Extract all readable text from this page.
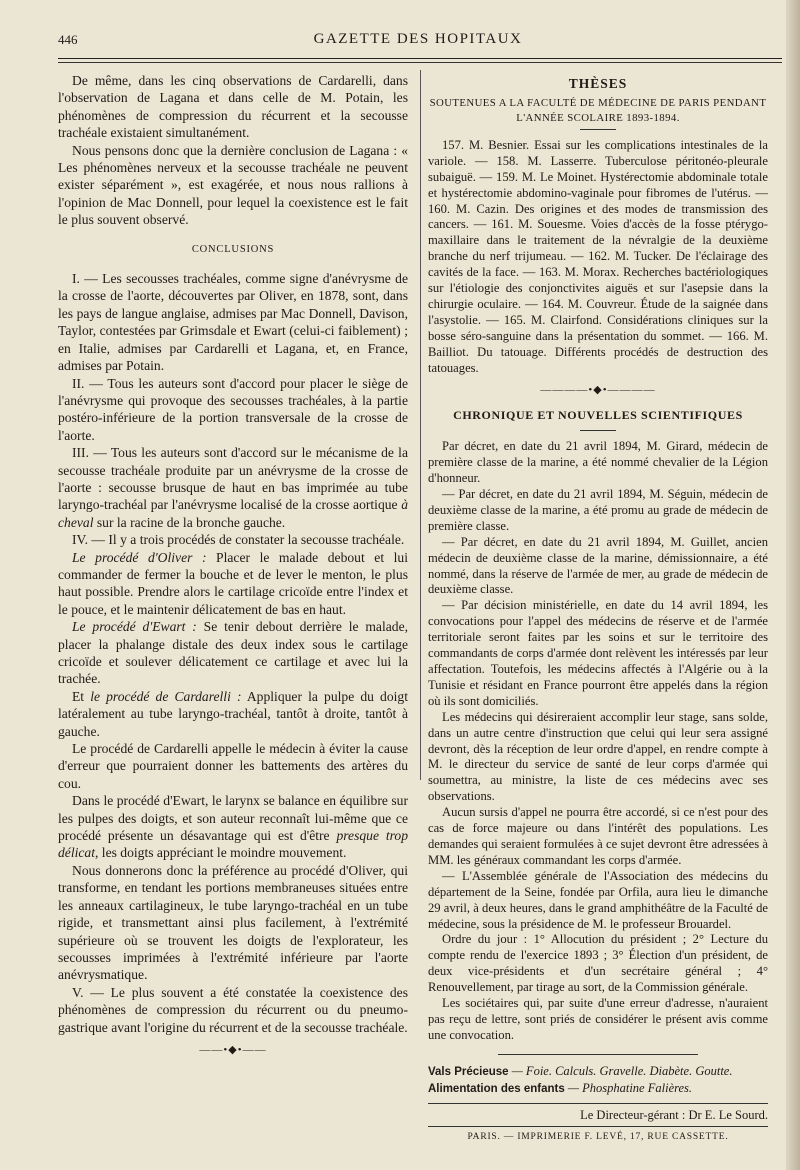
446	GAZETTE DES HOPITAUX

De même, dans les cinq observations de Cardarelli, dans l'observation de Lagana et dans celle de M. Potain, les phénomènes de compression du récurrent et la secousse trachéale existaient simultanément.

Nous pensons donc que la dernière conclusion de Lagana : « Les phénomènes nerveux et la secousse trachéale ne peuvent exister séparément », est exagérée, et nous nous rallions à l'opinion de Mac Donnell, pour lequel la coexistence est le fait le plus souvent observé.

CONCLUSIONS

I. — Les secousses trachéales, comme signe d'anévrysme de la crosse de l'aorte, découvertes par Oliver, en 1878, sont, dans les pays de langue anglaise, admises par Mac Donnell, Davison, Taylor, contestées par Grimsdale et Ewart (celui-ci faiblement) ; en Italie, admises par Cardarelli et Lagana, et, en France, admises par Potain.

II. — Tous les auteurs sont d'accord pour placer le siège de l'anévrysme qui provoque des secousses trachéales, à la partie postéro-inférieure de la portion transversale de la crosse de l'aorte.

III. — Tous les auteurs sont d'accord sur le mécanisme de la secousse trachéale produite par un anévrysme de la crosse de l'aorte : secousse brusque de haut en bas imprimée au tube laryngo-trachéal par l'anévrysme localisé de la crosse aortique à cheval sur la racine de la bronche gauche.

IV. — Il y a trois procédés de constater la secousse trachéale.

Le procédé d'Oliver : Placer le malade debout et lui commander de fermer la bouche et de lever le menton, le plus haut possible. Prendre alors le cartilage cricoïde entre l'index et le pouce, et le maintenir délicatement de bas en haut.

Le procédé d'Ewart : Se tenir debout derrière le malade, placer la phalange distale des deux index sous le cartilage cricoïde et soulever délicatement ce cartilage et avec lui la trachée.

Et le procédé de Cardarelli : Appliquer la pulpe du doigt latéralement au tube laryngo-trachéal, tantôt à droite, tantôt à gauche.

Le procédé de Cardarelli appelle le médecin à éviter la cause d'erreur que pourraient donner les battements des artères du cou.

Dans le procédé d'Ewart, le larynx se balance en équilibre sur les pulpes des doigts, et son auteur reconnaît lui-même que ce procédé présente un désavantage qui est d'être presque trop délicat, les doigts appréciant le moindre mouvement.

Nous donnerons donc la préférence au procédé d'Oliver, qui transforme, en tendant les portions membraneuses situées entre les anneaux cartilagineux, le tube laryngo-trachéal en un tube rigide, et transmettant ainsi plus facilement, à l'extrémité supérieure où se trouvent les doigts de l'explorateur, les secousses imprimées à l'extrémité inférieure par l'aorte anévrysmatique.

V. — Le plus souvent a été constatée la coexistence des phénomènes de compression du récurrent ou du pneumo-gastrique avant l'origine du récurrent et de la secousse trachéale.

——•◆•——
THÈSES
SOUTENUES A LA FACULTÉ DE MÉDECINE DE PARIS PENDANT L'ANNÉE SCOLAIRE 1893-1894.

157. M. Besnier. Essai sur les complications intestinales de la variole. — 158. M. Lasserre. Tuberculose péritonéo-pleurale subaiguë. — 159. M. Le Moinet. Hystérectomie abdominale totale et hystérectomie abdomino-vaginale pour fibromes de l'utérus. — 160. M. Cazin. Des origines et des modes de transmission des cancers. — 161. M. Souesme. Voies d'accès de la fosse ptérygo-maxillaire dans le traitement de la névralgie de la deuxième branche du nerf trijumeau. — 162. M. Tucker. De l'éclairage des cavités de la face. — 163. M. Morax. Recherches bactériologiques sur l'étiologie des conjonctivites aiguës et sur l'asepsie dans la chirurgie oculaire. — 164. M. Couvreur. Étude de la saignée dans l'asystolie. — 165. M. Clairfond. Considérations cliniques sur la bosse séro-sanguine dans la présentation du sommet. — 166. M. Bailliot. Du tatouage. Différents procédés de destruction des tatouages.

————•◆•————
CHRONIQUE ET NOUVELLES SCIENTIFIQUES

Par décret, en date du 21 avril 1894, M. Girard, médecin de première classe de la marine, a été nommé chevalier de la Légion d'honneur.

— Par décret, en date du 21 avril 1894, M. Séguin, médecin de deuxième classe de la marine, a été promu au grade de médecin de première classe.

— Par décret, en date du 21 avril 1894, M. Guillet, ancien médecin de deuxième classe de la marine, démissionnaire, a été nommé, dans la réserve de l'armée de mer, au grade de médecin de deuxième classe.

— Par décision ministérielle, en date du 14 avril 1894, les convocations pour l'appel des médecins de réserve et de l'armée territoriale seront faites par les soins et sur le territoire des commandants de corps d'armée dont relèvent les intéressés par leur affectation. Toutefois, les médecins affectés à l'Algérie ou à la Tunisie et résidant en France pourront être appelés dans la région où ils sont domiciliés.

Les médecins qui désireraient accomplir leur stage, sans solde, dans un autre centre d'instruction que celui qui leur sera assigné devront, dès la réception de leur ordre d'appel, en rendre compte à M. le directeur du service de santé de leur corps d'armée qui soumettra, au ministre, la liste de ces médecins avec ses observations.

Aucun sursis d'appel ne pourra être accordé, si ce n'est pour des cas de force majeure ou dans l'intérêt des populations. Les demandes qui seraient formulées à ce sujet devront être adressées à MM. les généraux commandant les corps d'armée.

— L'Assemblée générale de l'Association des médecins du département de la Seine, fondée par Orfila, aura lieu le dimanche 29 avril, à deux heures, dans le grand amphithéâtre de la Faculté de médecine, sous la présidence de M. le professeur Brouardel.

Ordre du jour : 1° Allocution du président ; 2° Lecture du compte rendu de l'exercice 1893 ; 3° Élection d'un président, de deux vice-présidents et d'un secrétaire général ; 4° Renouvellement, par tirage au sort, de la Commission générale.

Les sociétaires qui, par suite d'une erreur d'adresse, n'auraient pas reçu de lettre, sont priés de considérer le présent avis comme une convocation.

Vals Précieuse — Foie. Calculs. Gravelle. Diabète. Goutte.

Alimentation des enfants — Phosphatine Falières.

Le Directeur-gérant : Dr E. Le Sourd.

PARIS. — IMPRIMERIE F. LEVÉ, 17, RUE CASSETTE.
